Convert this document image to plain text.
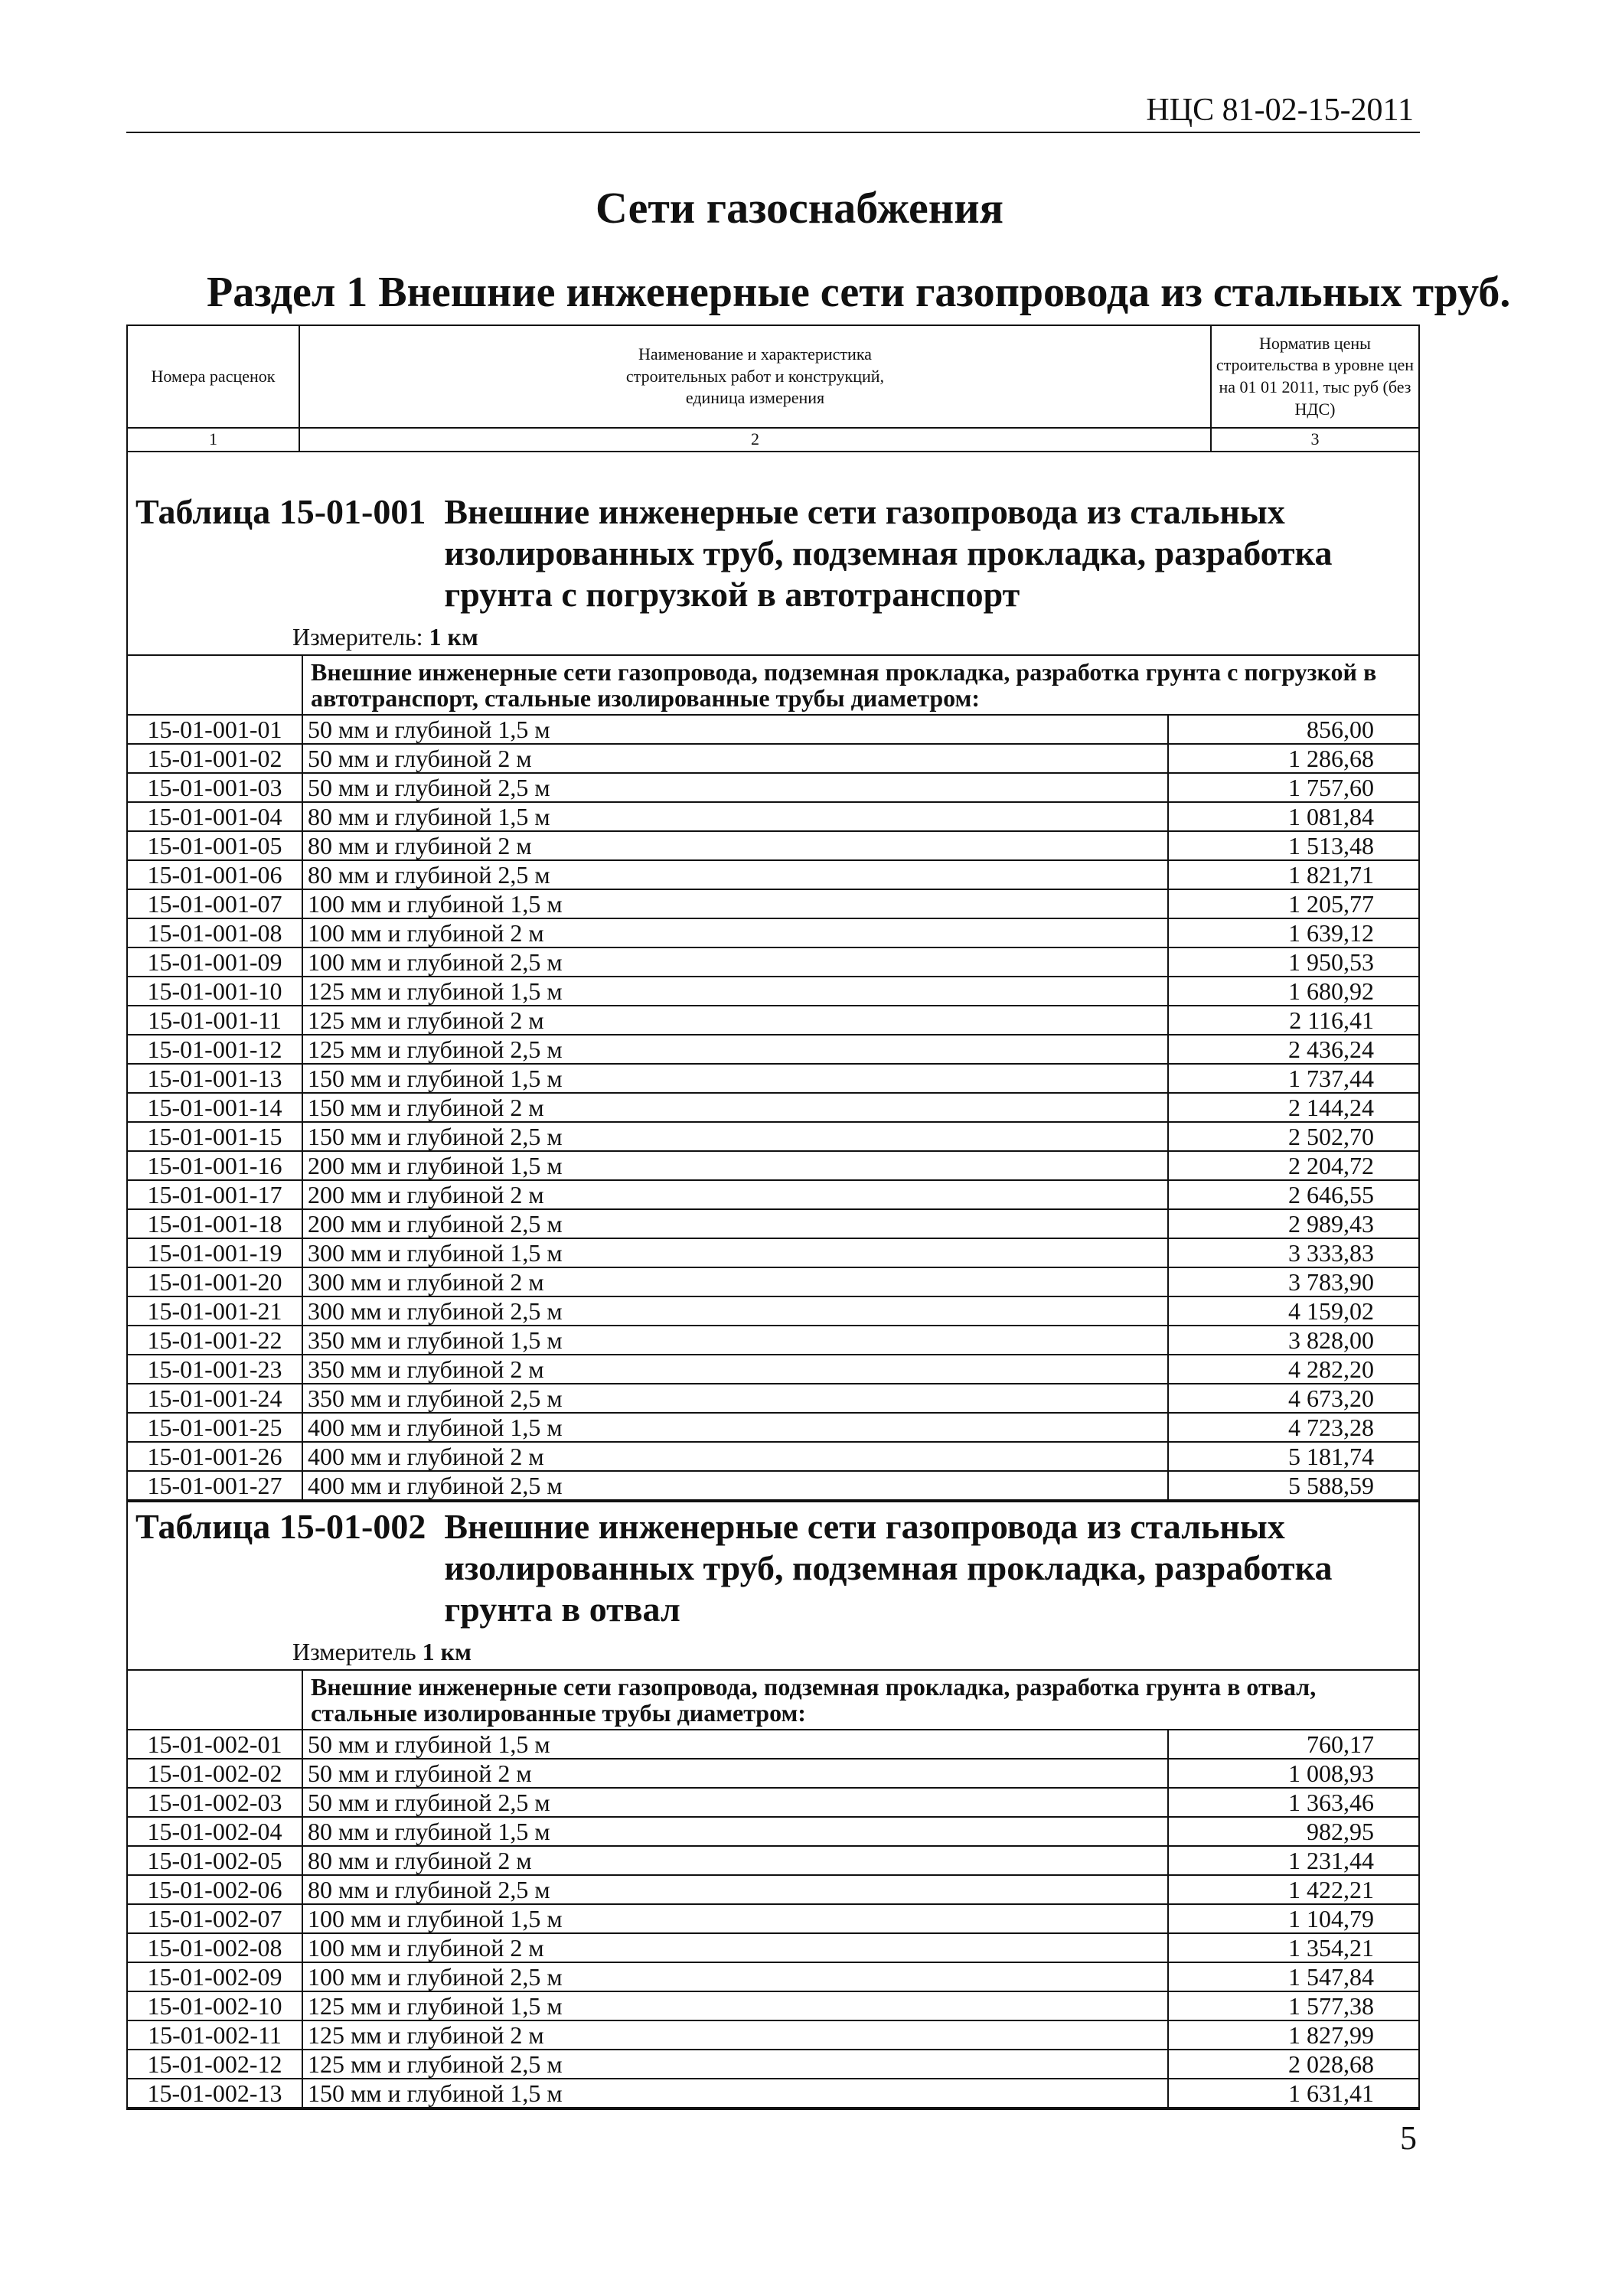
НЦС 81-02-15-2011
Сети газоснабжения
Раздел 1 Внешние инженерные сети газопровода из стальных труб.
Номера расценок	Наименование и характеристика строительных работ и конструкций, единица измерения	Норматив цены строительства в уровне цен на 01 01 2011, тыс руб (без НДС)
1	2	3
Таблица 15-01-001 Внешние инженерные сети газопровода из стальных изолированных труб, подземная прокладка, разработка грунта с погрузкой в автотранспорт
Измеритель: 1 км
	Внешние инженерные сети газопровода, подземная прокладка, разработка грунта с погрузкой в автотранспорт, стальные изолированные трубы диаметром:	
15-01-001-01	50 мм и глубиной 1,5 м	856,00
15-01-001-02	50 мм и глубиной 2 м	1 286,68
15-01-001-03	50 мм и глубиной 2,5 м	1 757,60
15-01-001-04	80 мм и глубиной 1,5 м	1 081,84
15-01-001-05	80 мм и глубиной 2 м	1 513,48
15-01-001-06	80 мм и глубиной 2,5 м	1 821,71
15-01-001-07	100 мм и глубиной 1,5 м	1 205,77
15-01-001-08	100 мм и глубиной 2 м	1 639,12
15-01-001-09	100 мм и глубиной 2,5 м	1 950,53
15-01-001-10	125 мм и глубиной 1,5 м	1 680,92
15-01-001-11	125 мм и глубиной 2 м	2 116,41
15-01-001-12	125 мм и глубиной 2,5 м	2 436,24
15-01-001-13	150 мм и глубиной 1,5 м	1 737,44
15-01-001-14	150 мм и глубиной 2 м	2 144,24
15-01-001-15	150 мм и глубиной 2,5 м	2 502,70
15-01-001-16	200 мм и глубиной 1,5 м	2 204,72
15-01-001-17	200 мм и глубиной 2 м	2 646,55
15-01-001-18	200 мм и глубиной 2,5 м	2 989,43
15-01-001-19	300 мм и глубиной 1,5 м	3 333,83
15-01-001-20	300 мм и глубиной 2 м	3 783,90
15-01-001-21	300 мм и глубиной 2,5 м	4 159,02
15-01-001-22	350 мм и глубиной 1,5 м	3 828,00
15-01-001-23	350 мм и глубиной 2 м	4 282,20
15-01-001-24	350 мм и глубиной 2,5 м	4 673,20
15-01-001-25	400 мм и глубиной 1,5 м	4 723,28
15-01-001-26	400 мм и глубиной 2 м	5 181,74
15-01-001-27	400 мм и глубиной 2,5 м	5 588,59
Таблица 15-01-002 Внешние инженерные сети газопровода из стальных изолированных труб, подземная прокладка, разработка грунта в отвал
Измеритель 1 км
	Внешние инженерные сети газопровода, подземная прокладка, разработка грунта в отвал, стальные изолированные трубы диаметром:	
15-01-002-01	50 мм и глубиной 1,5 м	760,17
15-01-002-02	50 мм и глубиной 2 м	1 008,93
15-01-002-03	50 мм и глубиной 2,5 м	1 363,46
15-01-002-04	80 мм и глубиной 1,5 м	982,95
15-01-002-05	80 мм и глубиной 2 м	1 231,44
15-01-002-06	80 мм и глубиной 2,5 м	1 422,21
15-01-002-07	100 мм и глубиной 1,5 м	1 104,79
15-01-002-08	100 мм и глубиной 2 м	1 354,21
15-01-002-09	100 мм и глубиной 2,5 м	1 547,84
15-01-002-10	125 мм и глубиной 1,5 м	1 577,38
15-01-002-11	125 мм и глубиной 2 м	1 827,99
15-01-002-12	125 мм и глубиной 2,5 м	2 028,68
15-01-002-13	150 мм и глубиной 1,5 м	1 631,41
5
